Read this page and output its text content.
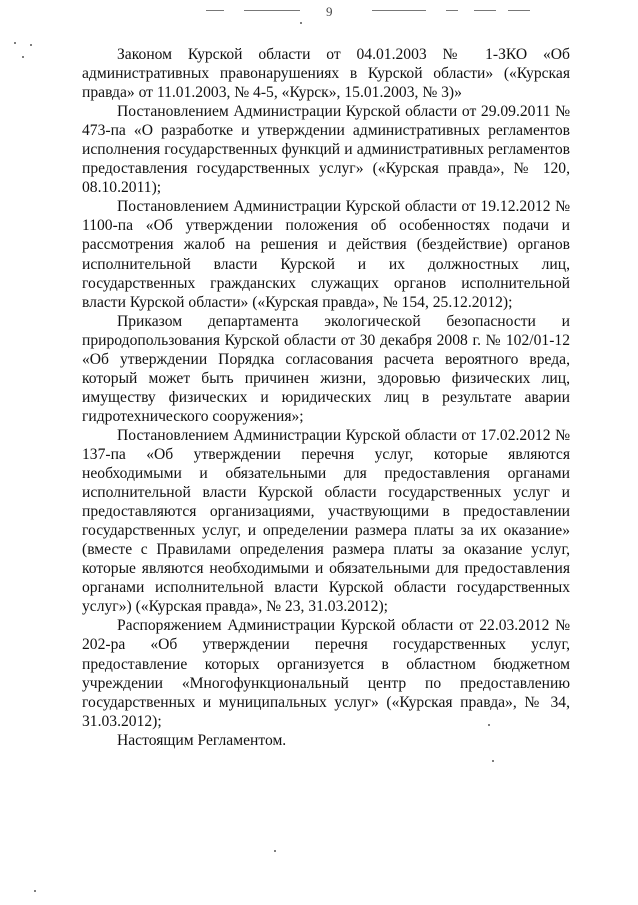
9

Законом Курской области от 04.01.2003 № 1-ЗКО «Об административных правонарушениях в Курской области» («Курская правда» от 11.01.2003, № 4-5, «Курск», 15.01.2003, № 3)»

Постановлением Администрации Курской области от 29.09.2011 № 473-па «О разработке и утверждении административных регламентов исполнения государственных функций и административных регламентов предоставления государственных услуг» («Курская правда», № 120, 08.10.2011);

Постановлением Администрации Курской области от 19.12.2012 № 1100-па «Об утверждении положения об особенностях подачи и рассмотрения жалоб на решения и действия (бездействие) органов исполнительной власти Курской и их должностных лиц, государственных гражданских служащих органов исполнительной власти Курской области» («Курская правда», № 154, 25.12.2012);

Приказом департамента экологической безопасности и природопользования Курской области от 30 декабря 2008 г. № 102/01-12 «Об утверждении Порядка согласования расчета вероятного вреда, который может быть причинен жизни, здоровью физических лиц, имуществу физических и юридических лиц в результате аварии гидротехнического сооружения»;

Постановлением Администрации Курской области от 17.02.2012 № 137-па «Об утверждении перечня услуг, которые являются необходимыми и обязательными для предоставления органами исполнительной власти Курской области государственных услуг и предоставляются организациями, участвующими в предоставлении государственных услуг, и определении размера платы за их оказание» (вместе с Правилами определения размера платы за оказание услуг, которые являются необходимыми и обязательными для предоставления органами исполнительной власти Курской области государственных услуг») («Курская правда», № 23, 31.03.2012);

Распоряжением Администрации Курской области от 22.03.2012 № 202-ра «Об утверждении перечня государственных услуг, предоставление которых организуется в областном бюджетном учреждении «Многофункциональный центр по предоставлению государственных и муниципальных услуг» («Курская правда», № 34, 31.03.2012);

Настоящим Регламентом.
